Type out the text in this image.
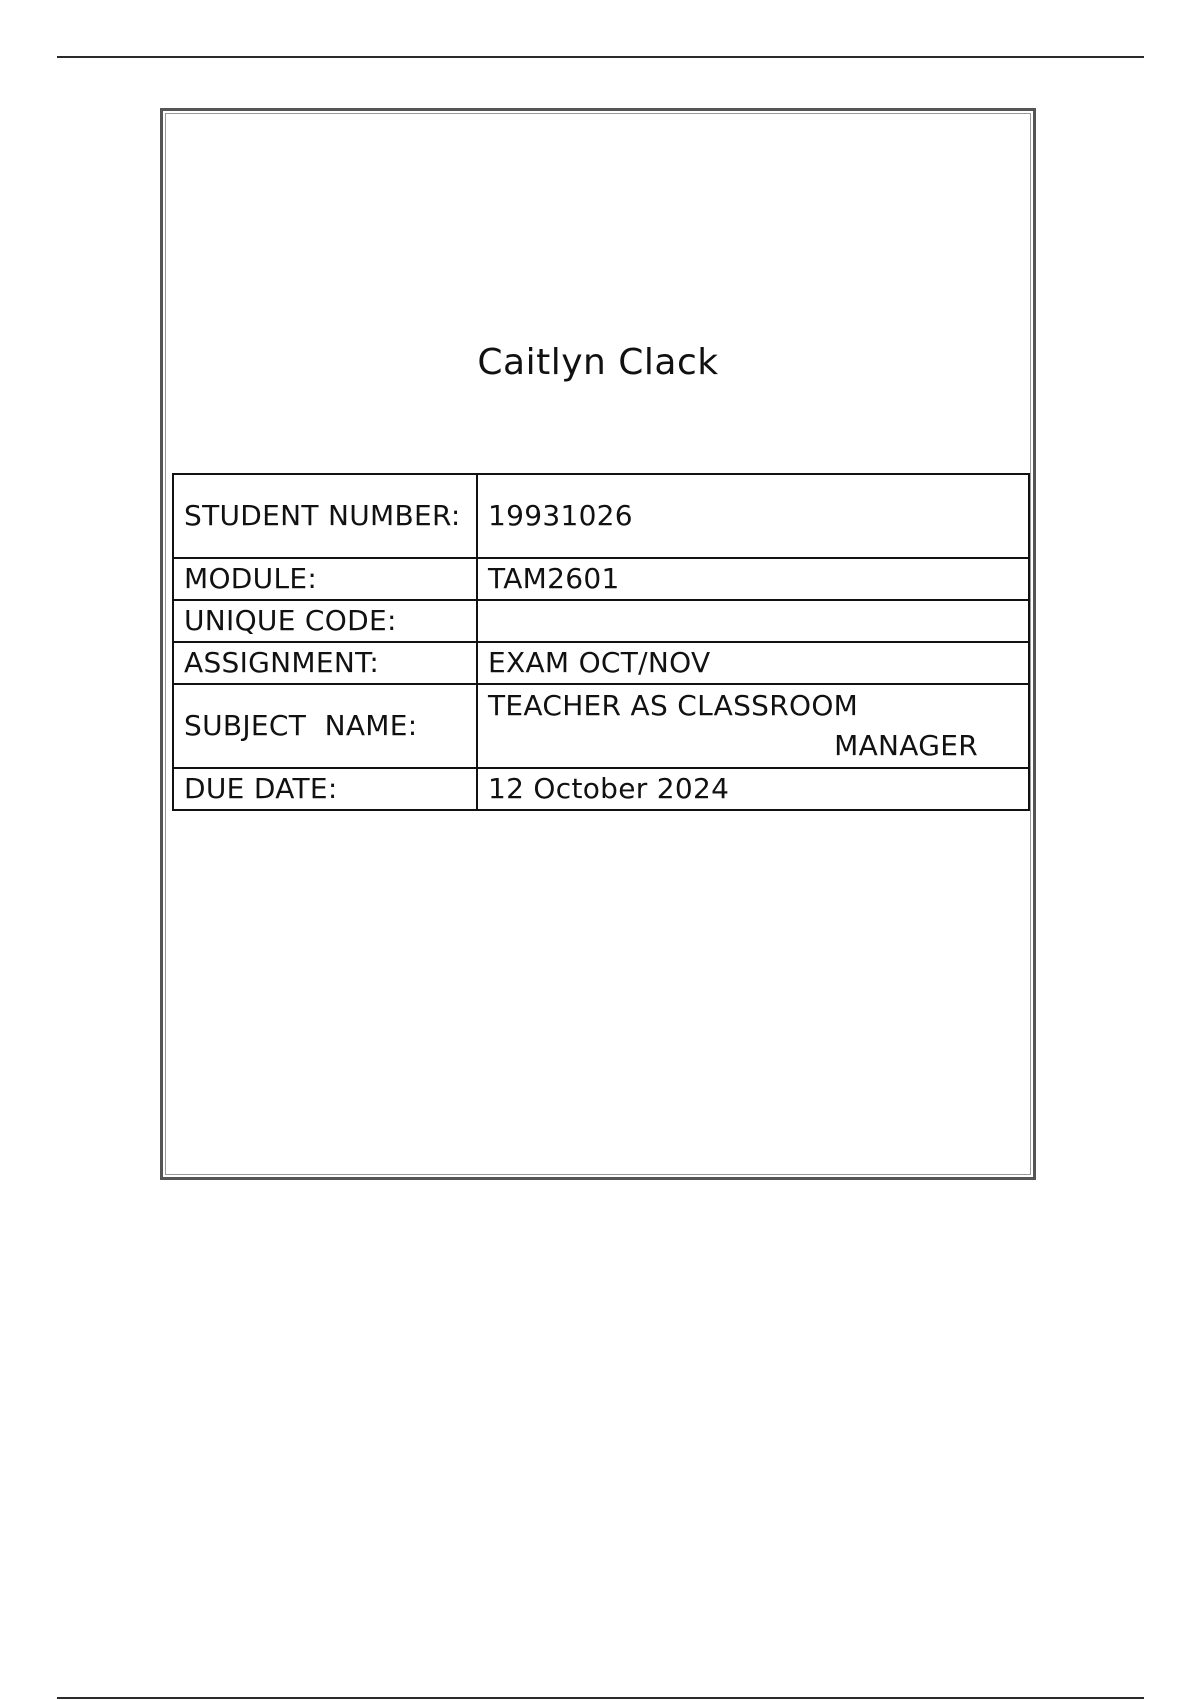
Caitlyn Clack
STUDENT NUMBER:	19931026
MODULE:	TAM2601
UNIQUE CODE:	
ASSIGNMENT:	EXAM OCT/NOV
SUBJECT  NAME:	TEACHER AS CLASSROOM
MANAGER

DUE DATE:	12 October 2024
